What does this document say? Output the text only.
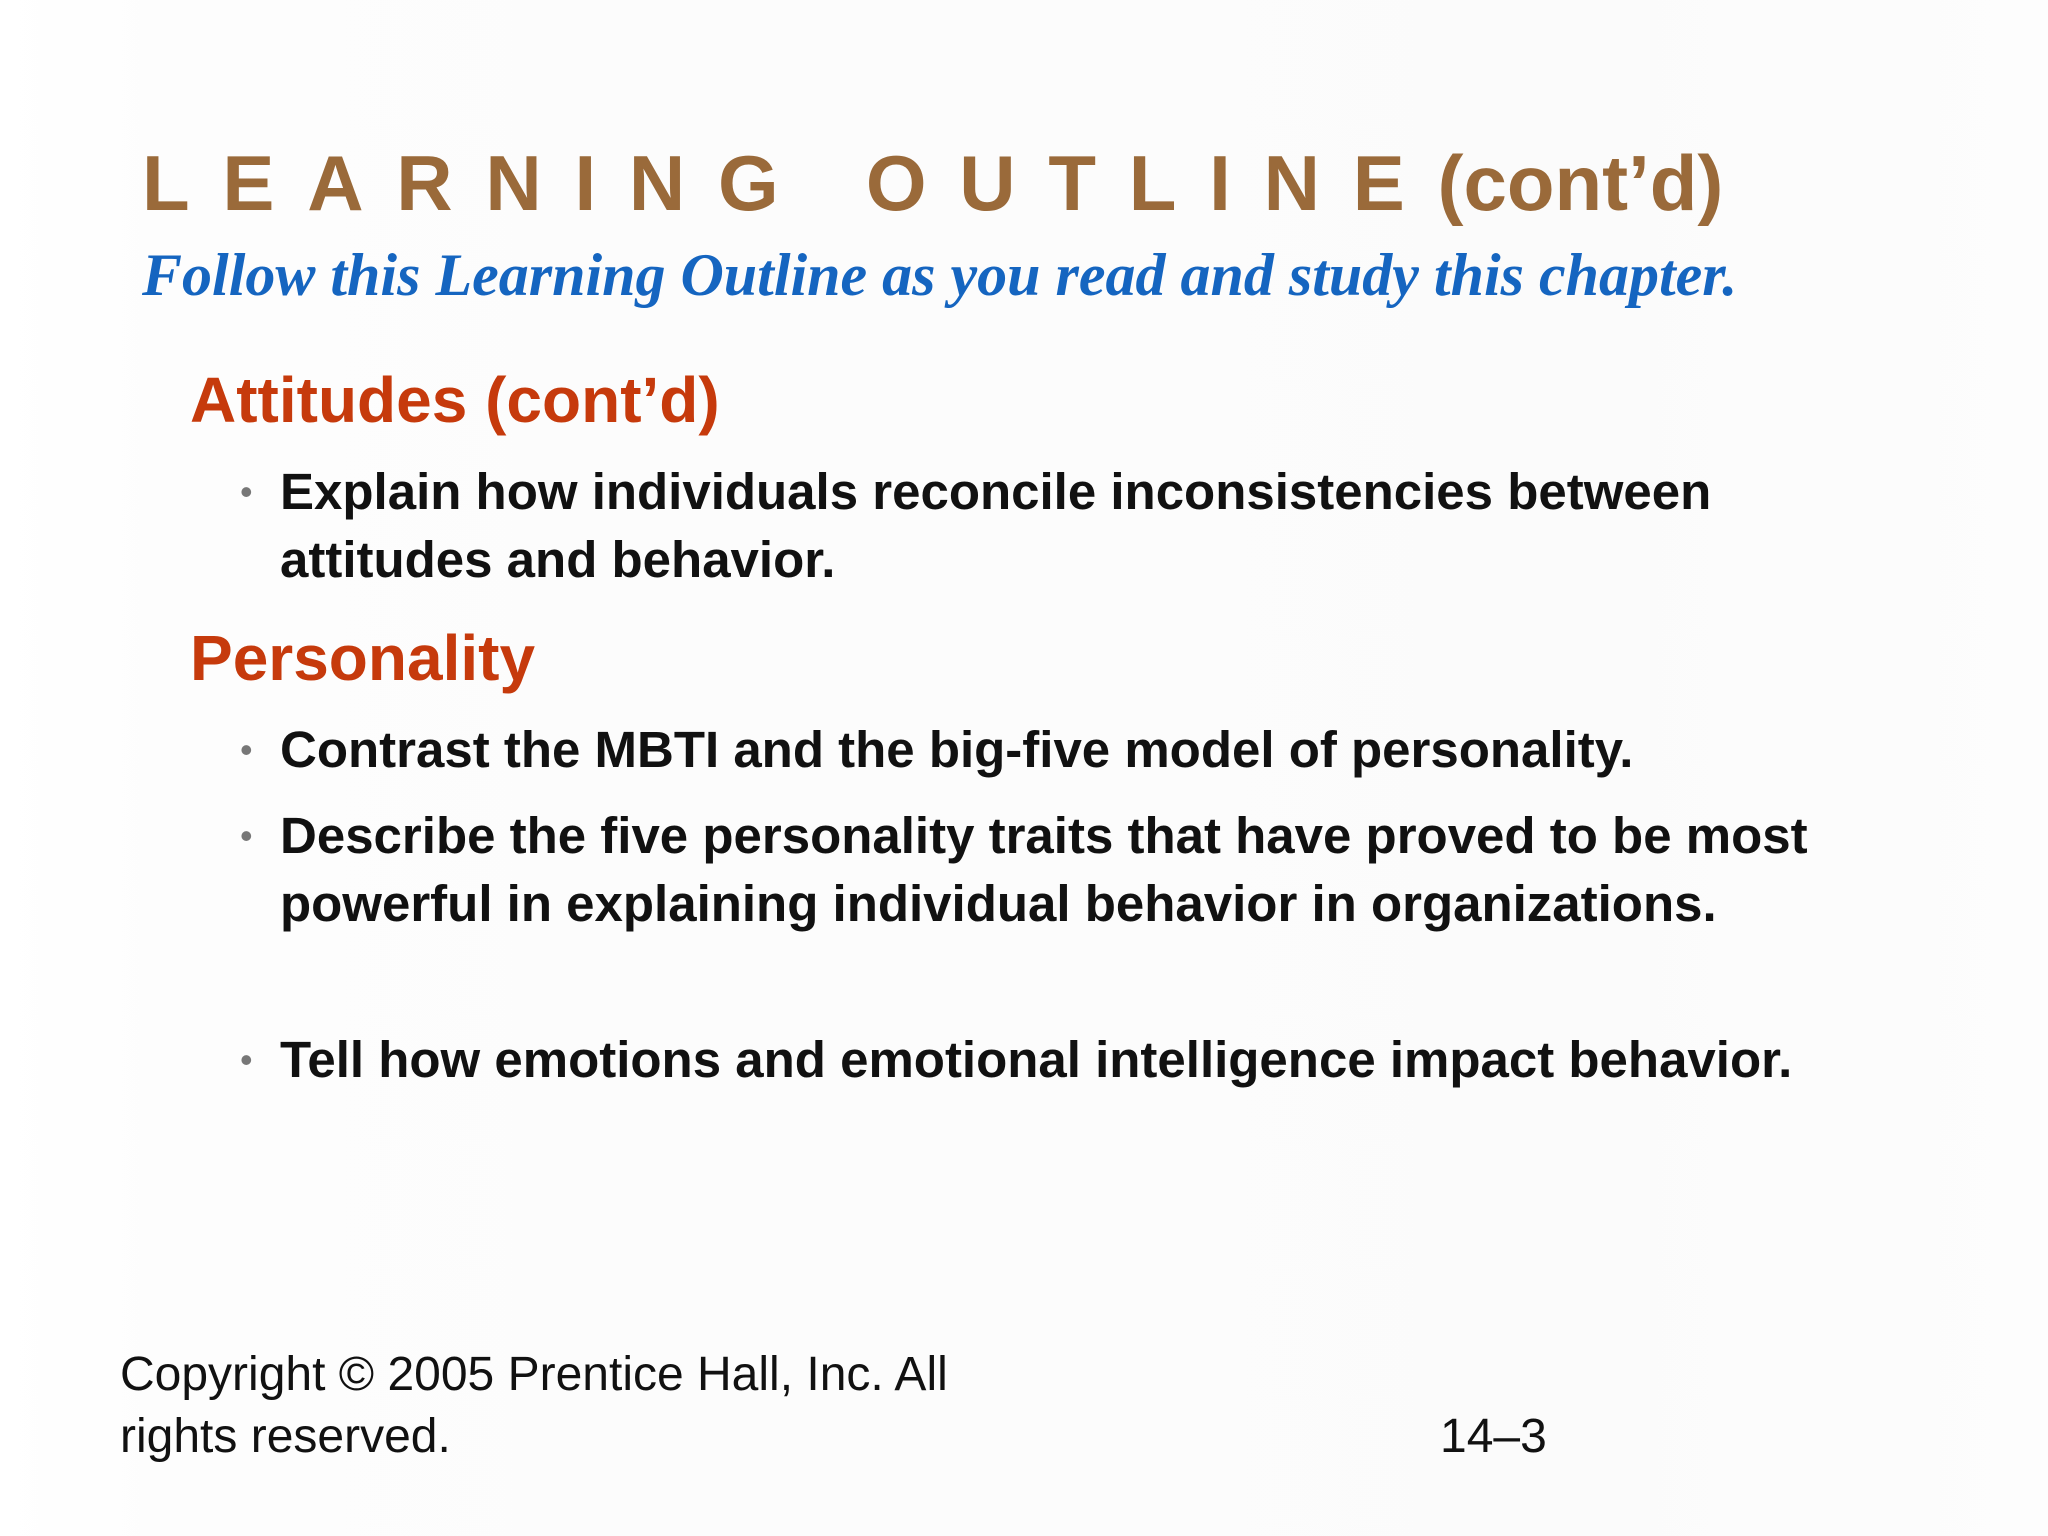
LEARNING OUTLINE(cont’d)
Follow this Learning Outline as you read and study this chapter.
Attitudes (cont’d)
• Explain how individuals reconcile inconsistencies between attitudes and behavior.
Personality
• Contrast the MBTI and the big-five model of personality.
• Describe the five personality traits that have proved to be most powerful in explaining individual behavior in organizations.
• Tell how emotions and emotional intelligence impact behavior.
Copyright © 2005 Prentice Hall, Inc. All rights reserved.	14–3
